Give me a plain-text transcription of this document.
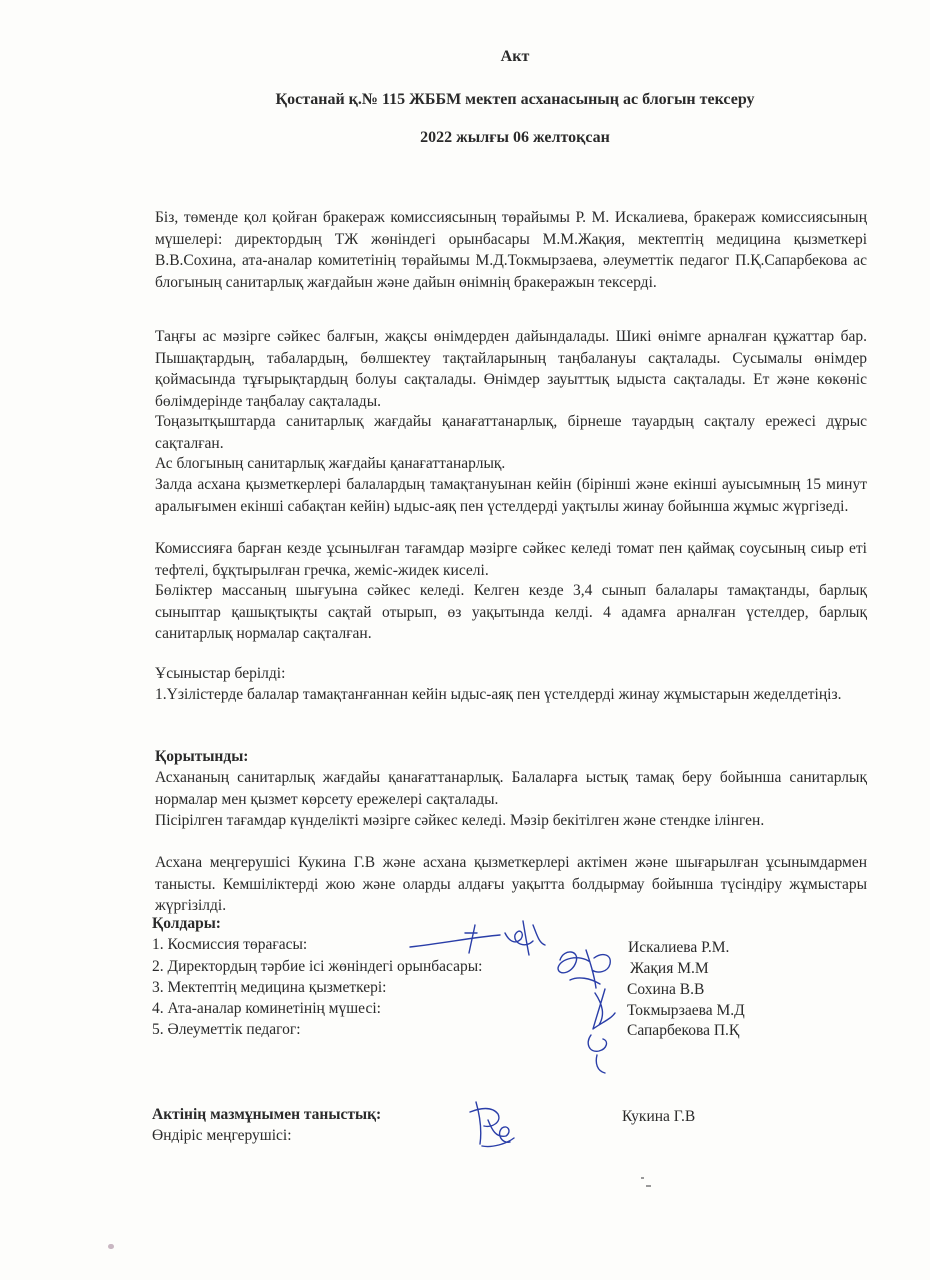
Акт
Қостанай қ.№ 115 ЖББМ мектеп асханасының ас блогын тексеру
2022 жылғы 06 желтоқсан

Біз, төменде қол қойған бракераж комиссиясының төрайымы Р. М. Искалиева, бракераж комиссиясының мүшелері: директордың ТЖ жөніндегі орынбасары М.М.Жақия, мектептің медицина қызметкері В.В.Сохина, ата-аналар комитетінің төрайымы М.Д.Токмырзаева, әлеуметтік педагог П.Қ.Сапарбекова ас блогының санитарлық жағдайын және дайын өнімнің бракеражын тексерді.

Таңғы ас мәзірге сәйкес балғын, жақсы өнімдерден дайындалады. Шикі өнімге арналған құжаттар бар. Пышақтардың, табалардың, бөлшектеу тақтайларының таңбалануы сақталады. Сусымалы өнімдер қоймасында тұғырықтардың болуы сақталады. Өнімдер зауыттық ыдыста сақталады. Ет және көкөніс бөлімдерінде таңбалау сақталады.

Тоңазытқыштарда санитарлық жағдайы қанағаттанарлық, бірнеше тауардың сақталу ережесі дұрыс сақталған.

Ас блогының санитарлық жағдайы қанағаттанарлық.

Залда асхана қызметкерлері балалардың тамақтануынан кейін (бірінші және екінші ауысымның 15 минут аралығымен екінші сабақтан кейін) ыдыс-аяқ пен үстелдерді уақтылы жинау бойынша жұмыс жүргізеді.

Комиссияға барған кезде ұсынылған тағамдар мәзірге сәйкес келеді томат пен қаймақ соусының сиыр еті тефтелі, бұқтырылған гречка, жеміс-жидек киселі.

Бөліктер массаның шығуына сәйкес келеді. Келген кезде 3,4 сынып балалары тамақтанды, барлық сыныптар қашықтықты сақтай отырып, өз уақытында келді. 4 адамға арналған үстелдер, барлық санитарлық нормалар сақталған.

Ұсыныстар берілді:

1.Үзілістерде балалар тамақтанғаннан кейін ыдыс-аяқ пен үстелдерді жинау жұмыстарын жеделдетіңіз.

Қорытынды:

Асхананың санитарлық жағдайы қанағаттанарлық. Балаларға ыстық тамақ беру бойынша санитарлық нормалар мен қызмет көрсету ережелері сақталады.

Пісірілген тағамдар күнделікті мәзірге сәйкес келеді. Мәзір бекітілген және стендке ілінген.

Асхана меңгерушісі Кукина Г.В және асхана қызметкерлері актімен және шығарылған ұсынымдармен танысты. Кемшіліктерді жою және оларды алдағы уақытта болдырмау бойынша түсіндіру жұмыстары жүргізілді.

Қолдары:
1. Космиссия төрағасы:
2. Директордың тәрбие ісі жөніндегі орынбасары:
3. Мектептің медицина қызметкері:
4. Ата-аналар коминетінің мүшесі:
5. Әлеуметтік педагог:
Искалиева Р.М.
Жақия М.М
Сохина В.В
Токмырзаева М.Д
Сапарбекова П.Қ
Актінің мазмұнымен таныстық:
Өндіріс меңгерушісі:
Кукина Г.В
